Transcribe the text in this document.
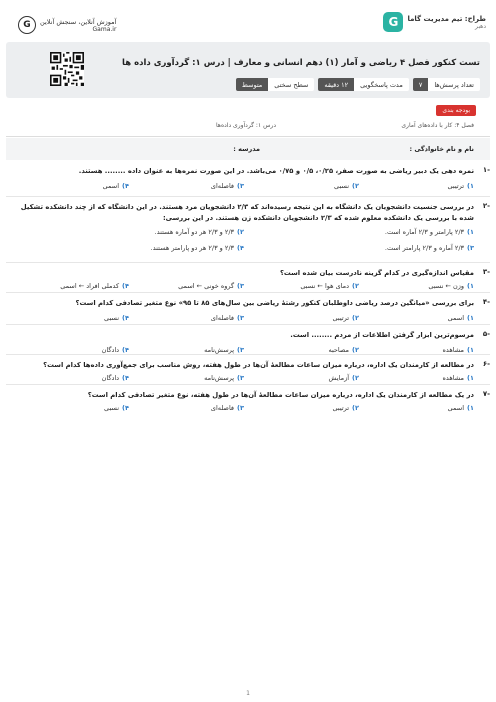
طراح: تیم مدیریت گاما
دهبر
G
آموزش آنلاین، سنجش آنلاین
Gama.ir
G
تست کنکور فصل ۴ ریاضی و آمار (۱) دهم انسانی و معارف | درس ۱: گردآوری داده ها
تعداد پرسش‌ها
۷
مدت پاسخگویی
۱۲ دقیقه
سطح سختی
متوسط
بودجه بندی
فصل ۴: کار با داده‌های آماری
درس ۱: گردآوری داده‌ها
نام و نام خانوادگی :
مدرسه :
-۱
نمره دهی یک دبیر ریاضی به صورت صفر، ۰/۲۵، ۰/۵ و ۰/۷۵ می‌باشد. در این صورت نمره‌ها به عنوان داده ........ هستند.
۱)ترتیبی
۲)نسبی
۳)فاصله‌ای
۴)اسمی
-۲
در بررسی جنسیت دانشجویان یک دانشگاه به این نتیجه رسیده‌اند که ۲/۳ دانشجویان مرد هستند. در این دانشگاه که از چند دانشکده تشکیل شده با بررسی یک دانشکده معلوم شده که ۲/۳ دانشجویان دانشکده زن هستند. در این بررسی:
۱)۲/۳ پارامتر و ۲/۳ آماره است.
۲)۲/۳ و ۲/۳ هر دو آماره هستند.
۳)۲/۳ آماره و ۲/۳ پارامتر است.
۴)۲/۳ و ۲/۳ هر دو پارامتر هستند.
-۳
مقیاس اندازه‌گیری در کدام گزینه نادرست بیان شده است؟
۱)وزن ← نسبی
۲)دمای هوا ← نسبی
۳)گروه خونی ← اسمی
۴)کدملی افراد ← اسمی
-۴
برای بررسی «میانگین درصد ریاضی داوطلبان کنکور رشتهٔ ریاضی بین سال‌های ۸۵ تا ۹۵» نوع متغیر تصادفی کدام است؟
۱)اسمی
۲)ترتیبی
۳)فاصله‌ای
۴)نسبی
-۵
مرسوم‌ترین ابزار گرفتن اطلاعات از مردم ........ است.
۱)مشاهده
۲)مصاحبه
۳)پرسش‌نامه
۴)دادگان
-۶
در مطالعه از کارمندان یک اداره، درباره میزان ساعات مطالعهٔ آن‌ها در طول هفته، روش مناسب برای جمع‌آوری داده‌ها کدام است؟
۱)مشاهده
۲)آزمایش
۳)پرسش‌نامه
۴)دادگان
-۷
در یک مطالعه از کارمندان یک اداره، درباره میزان ساعات مطالعهٔ آن‌ها در طول هفته، نوع متغیر تصادفی کدام است؟
۱)اسمی
۲)ترتیبی
۳)فاصله‌ای
۴)نسبی
1
